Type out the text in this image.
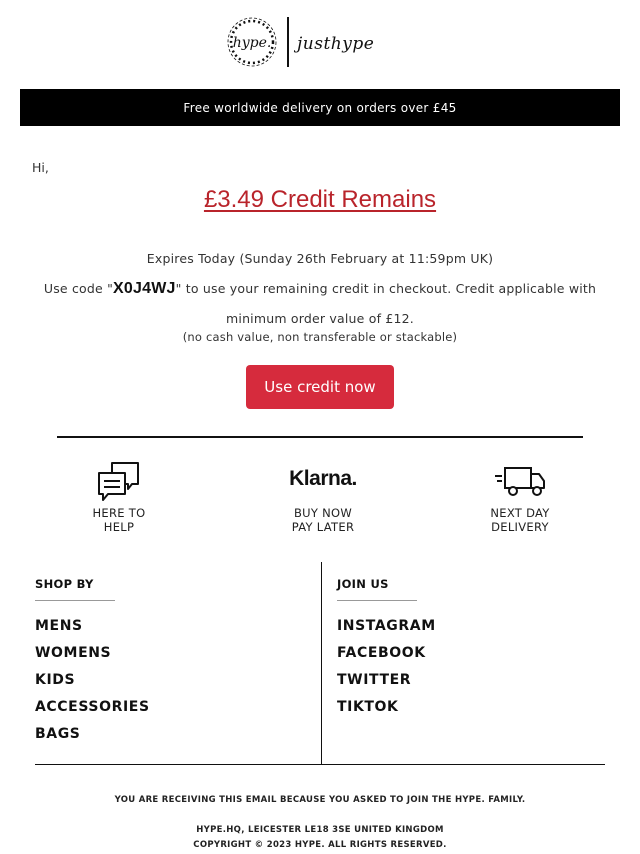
hype. justhype
Free worldwide delivery on orders over £45
Hi,
£3.49 Credit Remains
Expires Today (Sunday 26th February at 11:59pm UK)
Use code "X0J4WJ" to use your remaining credit in checkout. Credit applicable with minimum order value of £12.
(no cash value, non transferable or stackable)
Use credit now
HERE TO
HELP
Klarna.
BUY NOW
PAY LATER
NEXT DAY
DELIVERY
SHOP BY
MENS
WOMENS
KIDS
ACCESSORIES
BAGS
JOIN US
INSTAGRAM
FACEBOOK
TWITTER
TIKTOK
YOU ARE RECEIVING THIS EMAIL BECAUSE YOU ASKED TO JOIN THE HYPE. FAMILY.
HYPE.HQ, LEICESTER LE18 3SE UNITED KINGDOM
COPYRIGHT © 2023 HYPE. ALL RIGHTS RESERVED.
